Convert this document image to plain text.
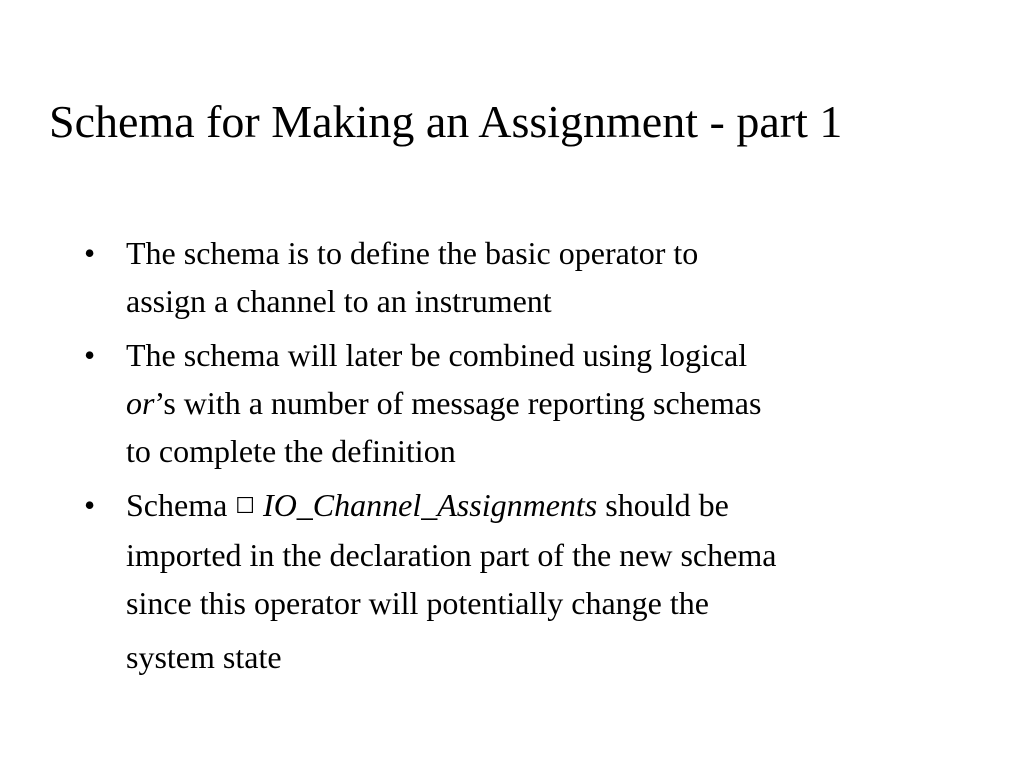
Schema for Making an Assignment - part 1
• The schema is to define the basic operator to
assign a channel to an instrument
• The schema will later be combined using logical
or’s with a number of message reporting schemas
to complete the definition
• Schema ☐ IO_Channel_Assignments should be
imported in the declaration part of the new schema
since this operator will potentially change the
system state
